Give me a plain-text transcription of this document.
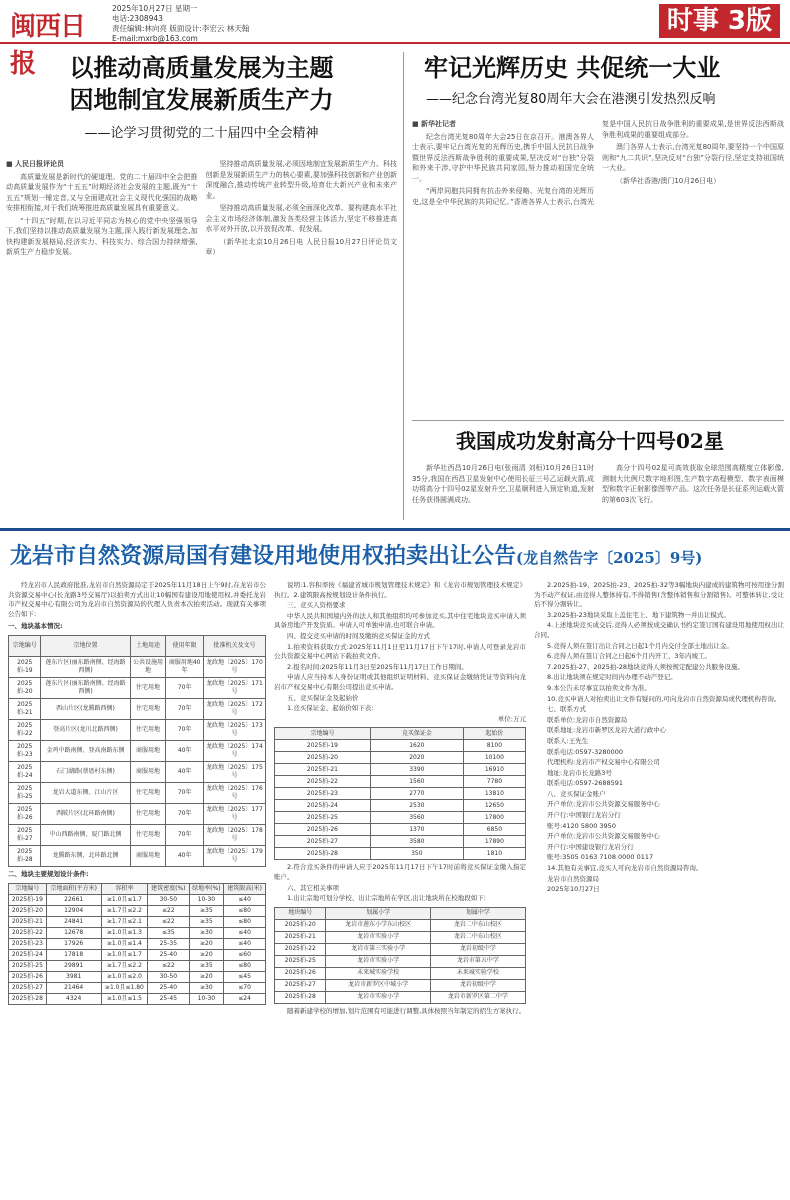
闽西日报
2025年10月27日 星期一
电话:2308943
责任编辑:林向亮 版面设计:李宏云 林天翰
E-mail:mxrb@163.com
时事 3版
以推动高质量发展为主题
因地制宜发展新质生产力
——论学习贯彻党的二十届四中全会精神

■ 人民日报评论员

高质量发展是新时代的硬道理。党的二十届四中全会把推动高质量发展作为“十五五”时期经济社会发展的主题,既为“十五五”规划一锤定音,又与全面建成社会主义现代化强国的战略安排相衔接,对于我们统筹推进高质量发展具有重要意义。

“十四五”时期,在以习近平同志为核心的党中央坚强领导下,我们坚持以推动高质量发展为主题,深入践行新发展理念,加快构建新发展格局,经济实力、科技实力、综合国力持续增强,新质生产力稳步发展。

坚持推动高质量发展,必须因地制宜发展新质生产力。科技创新是发展新质生产力的核心要素,要加强科技创新和产业创新深度融合,推动传统产业转型升级,培育壮大新兴产业和未来产业。

坚持推动高质量发展,必须全面深化改革。要构建高水平社会主义市场经济体制,激发各类经营主体活力,坚定不移推进高水平对外开放,以开放促改革、促发展。

（新华社北京10月26日电 人民日报10月27日评论员文章）

牢记光辉历史 共促统一大业
——纪念台湾光复80周年大会在港澳引发热烈反响

■ 新华社记者

纪念台湾光复80周年大会25日在京召开。港澳各界人士表示,要牢记台湾光复的光辉历史,携手中国人民抗日战争暨世界反法西斯战争胜利的重要成果,坚决反对“台独”分裂和外来干涉,守护中华民族共同家园,努力推动祖国完全统一。

“两岸同胞共同拥有抗击外来侵略、光复台湾的光辉历史,这是全中华民族的共同记忆。”香港各界人士表示,台湾光复是中国人民抗日战争胜利的重要成果,是世界反法西斯战争胜利成果的重要组成部分。

澳门各界人士表示,台湾光复80周年,要坚持一个中国原则和“九二共识”,坚决反对“台独”分裂行径,坚定支持祖国统一大业。

（新华社香港/澳门10月26日电）

我国成功发射高分十四号02星

新华社西昌10月26日电(张雨清 刘桓)10月26日11时35分,我国在西昌卫星发射中心使用长征三号乙运载火箭,成功将高分十四号02星发射升空,卫星顺利进入预定轨道,发射任务获得圆满成功。

高分十四号02星可高效获取全球范围高精度立体影像,测制大比例尺数字地形图,生产数字高程模型、数字表面模型和数字正射影像图等产品。这次任务是长征系列运载火箭的第603次飞行。

龙岩市自然资源局国有建设用地使用权拍卖出让公告(龙自然告字〔2025〕9号)

经龙岩市人民政府批准,龙岩市自然资源局定于2025年11月18日上午9时,在龙岩市公共资源交易中心(长龙路3号交易厅)以拍卖方式出让10幅国有建设用地使用权,并委托龙岩市产权交易中心有限公司为龙岩市自然资源局的代理人负责本次拍卖活动。现就有关事项公告如下:

一、地块基本情况:
宗地编号	宗地位置	土地用途	使用年限	批准机关及文号
2025拍-19	莲东片区(丽东路南侧、经海路西侧)	公共设施用地	商服用地40年	龙政地〔2025〕170号
2025拍-20	莲东片区(丽东路南侧、经海路西侧)	住宅用地	70年	龙政地〔2025〕171号
2025拍-21	西山片区(龙腾路西侧)	住宅用地	70年	龙政地〔2025〕172号
2025拍-22	登高片区(龙川北路西侧)	住宅用地	70年	龙政地〔2025〕173号
2025拍-23	金鸡中路南侧、登高南路东侧	商服用地	40年	龙政地〔2025〕174号
2025拍-24	石门湖路(蔡厝村东侧)	商服用地	40年	龙政地〔2025〕175号
2025拍-25	龙岩大道东侧、江山片区	住宅用地	70年	龙政地〔2025〕176号
2025拍-26	西陂片区(北环路南侧)	住宅用地	70年	龙政地〔2025〕177号
2025拍-27	中山西路南侧、厦门路北侧	住宅用地	70年	龙政地〔2025〕178号
2025拍-28	龙腾路东侧、北环路北侧	商服用地	40年	龙政地〔2025〕179号
二、地块主要规划设计条件:
宗地编号	宗地面积(平方米)	容积率	建筑密度(%)	绿地率(%)	建筑限高(米)
2025拍-19	22661	≥1.0且≤1.7	30-50	10-30	≤40
2025拍-20	12904	≥1.7且≤2.2	≤22	≥35	≤80
2025拍-21	24841	≥1.7且≤2.1	≤22	≥35	≤80
2025拍-22	12678	≥1.0且≤1.3	≤35	≥30	≤40
2025拍-23	17926	≥1.0且≤1.4	25-35	≥20	≤40
2025拍-24	17818	≥1.0且≤1.7	25-40	≥20	≤60
2025拍-25	29891	≥1.7且≤2.2	≤22	≥35	≤80
2025拍-26	3981	≥1.0且≤2.0	30-50	≥20	≤45
2025拍-27	21464	≥1.0且≤1.80	25-40	≥30	≤70
2025拍-28	4324	≥1.0且≤1.5	25-45	10-30	≤24

说明:1.容积率按《福建省城市规划管理技术规定》和《龙岩市规划管理技术规定》执行。2.建筑限高按规划设计条件执行。

三、竞买人资格要求

中华人民共和国境内外的法人和其他组织均可参加竞买,其中住宅地块竞买申请人须具备房地产开发资质。申请人可单独申请,也可联合申请。

四、提交竞买申请的时间及缴纳竞买保证金的方式

1.拍卖资料获取方式:2025年11月1日至11月17日下午17时,申请人可登录龙岩市公共资源交易中心网站下载拍卖文件。

2.报名时间:2025年11月3日至2025年11月17日工作日期间。

申请人应当持本人身份证明或其他组织证明材料、竞买保证金缴纳凭证等资料向龙岩市产权交易中心有限公司提出竞买申请。

五、竞买保证金及起始价

1.竞买保证金、起始价如下表:

单位:万元
宗地编号	竞买保证金	起始价
2025拍-19	1620	8100
2025拍-20	2020	10100
2025拍-21	3390	16910
2025拍-22	1560	7780
2025拍-23	2770	13810
2025拍-24	2530	12650
2025拍-25	3560	17800
2025拍-26	1370	6850
2025拍-27	3580	17890
2025拍-28	350	1810

2.符合竞买条件的申请人应于2025年11月17日下午17时前将竞买保证金缴入指定账户。

六、其它相关事项

1.出让宗地可划分学校、出让宗地所在学区,出让地块所在校地段如下:

地块编号	划属小学	划属中学
2025拍-20	龙岩市莲东小学东山校区	龙岩二中东山校区
2025拍-21	龙岩市实验小学	龙岩二中东山校区
2025拍-22	龙岩市第三实验小学	龙岩初级中学
2025拍-25	龙岩市实验小学	龙岩市第五中学
2025拍-26	未来城实验学校	未来城实验学校
2025拍-27	龙岩市新罗区中城小学	龙岩初级中学
2025拍-28	龙岩市实验小学	龙岩市新罗区第二中学

随着新建学校的增加,划片范围有可能进行调整,具体按照当年制定的招生方案执行。

2.2025拍-19、2025拍-23、2025拍-32等3幅地块内建成的建筑物可按用途分割为不动产权证,由竞得人整体持有,不得销售(含整体销售和分割销售)。可整体转让,受让后不得分割转让。

3.2025拍-23地块采取上盖住宅上、地下建筑物一并出让模式。

4.上述地块竞买成交后,竞得人必须按成交确认书约定签订国有建设用地使用权出让合同。

5.竞得人须在签订出让合同之日起1个月内交付全部土地出让金。

6.竞得人须在签订合同之日起6个月内开工、3年内竣工。

7.2025拍-27、2025拍-28地块竞得人须按规定配建公共服务设施。

8.出让地块须在规定时间内办理不动产登记。

9.本公告未尽事宜以拍卖文件为准。

10.竞买申请人对拍卖出让文件有疑问的,可向龙岩市自然资源局或代理机构咨询。

七、联系方式

联系单位:龙岩市自然资源局

联系地址:龙岩市新罗区龙岩大道行政中心

联系人:王先生

联系电话:0597-3280000

代理机构:龙岩市产权交易中心有限公司

地址:龙岩市长龙路3号

联系电话:0597-2688591

八、竞买保证金账户

开户单位:龙岩市公共资源交易服务中心

开户行:中国银行龙岩分行

账号:4120 5800 3950

开户单位:龙岩市公共资源交易服务中心

开户行:中国建设银行龙岩分行

账号:3505 0163 7108 0000 0117

14.其他有关事宜,竞买人可向龙岩市自然资源局咨询。

龙岩市自然资源局

2025年10月27日
